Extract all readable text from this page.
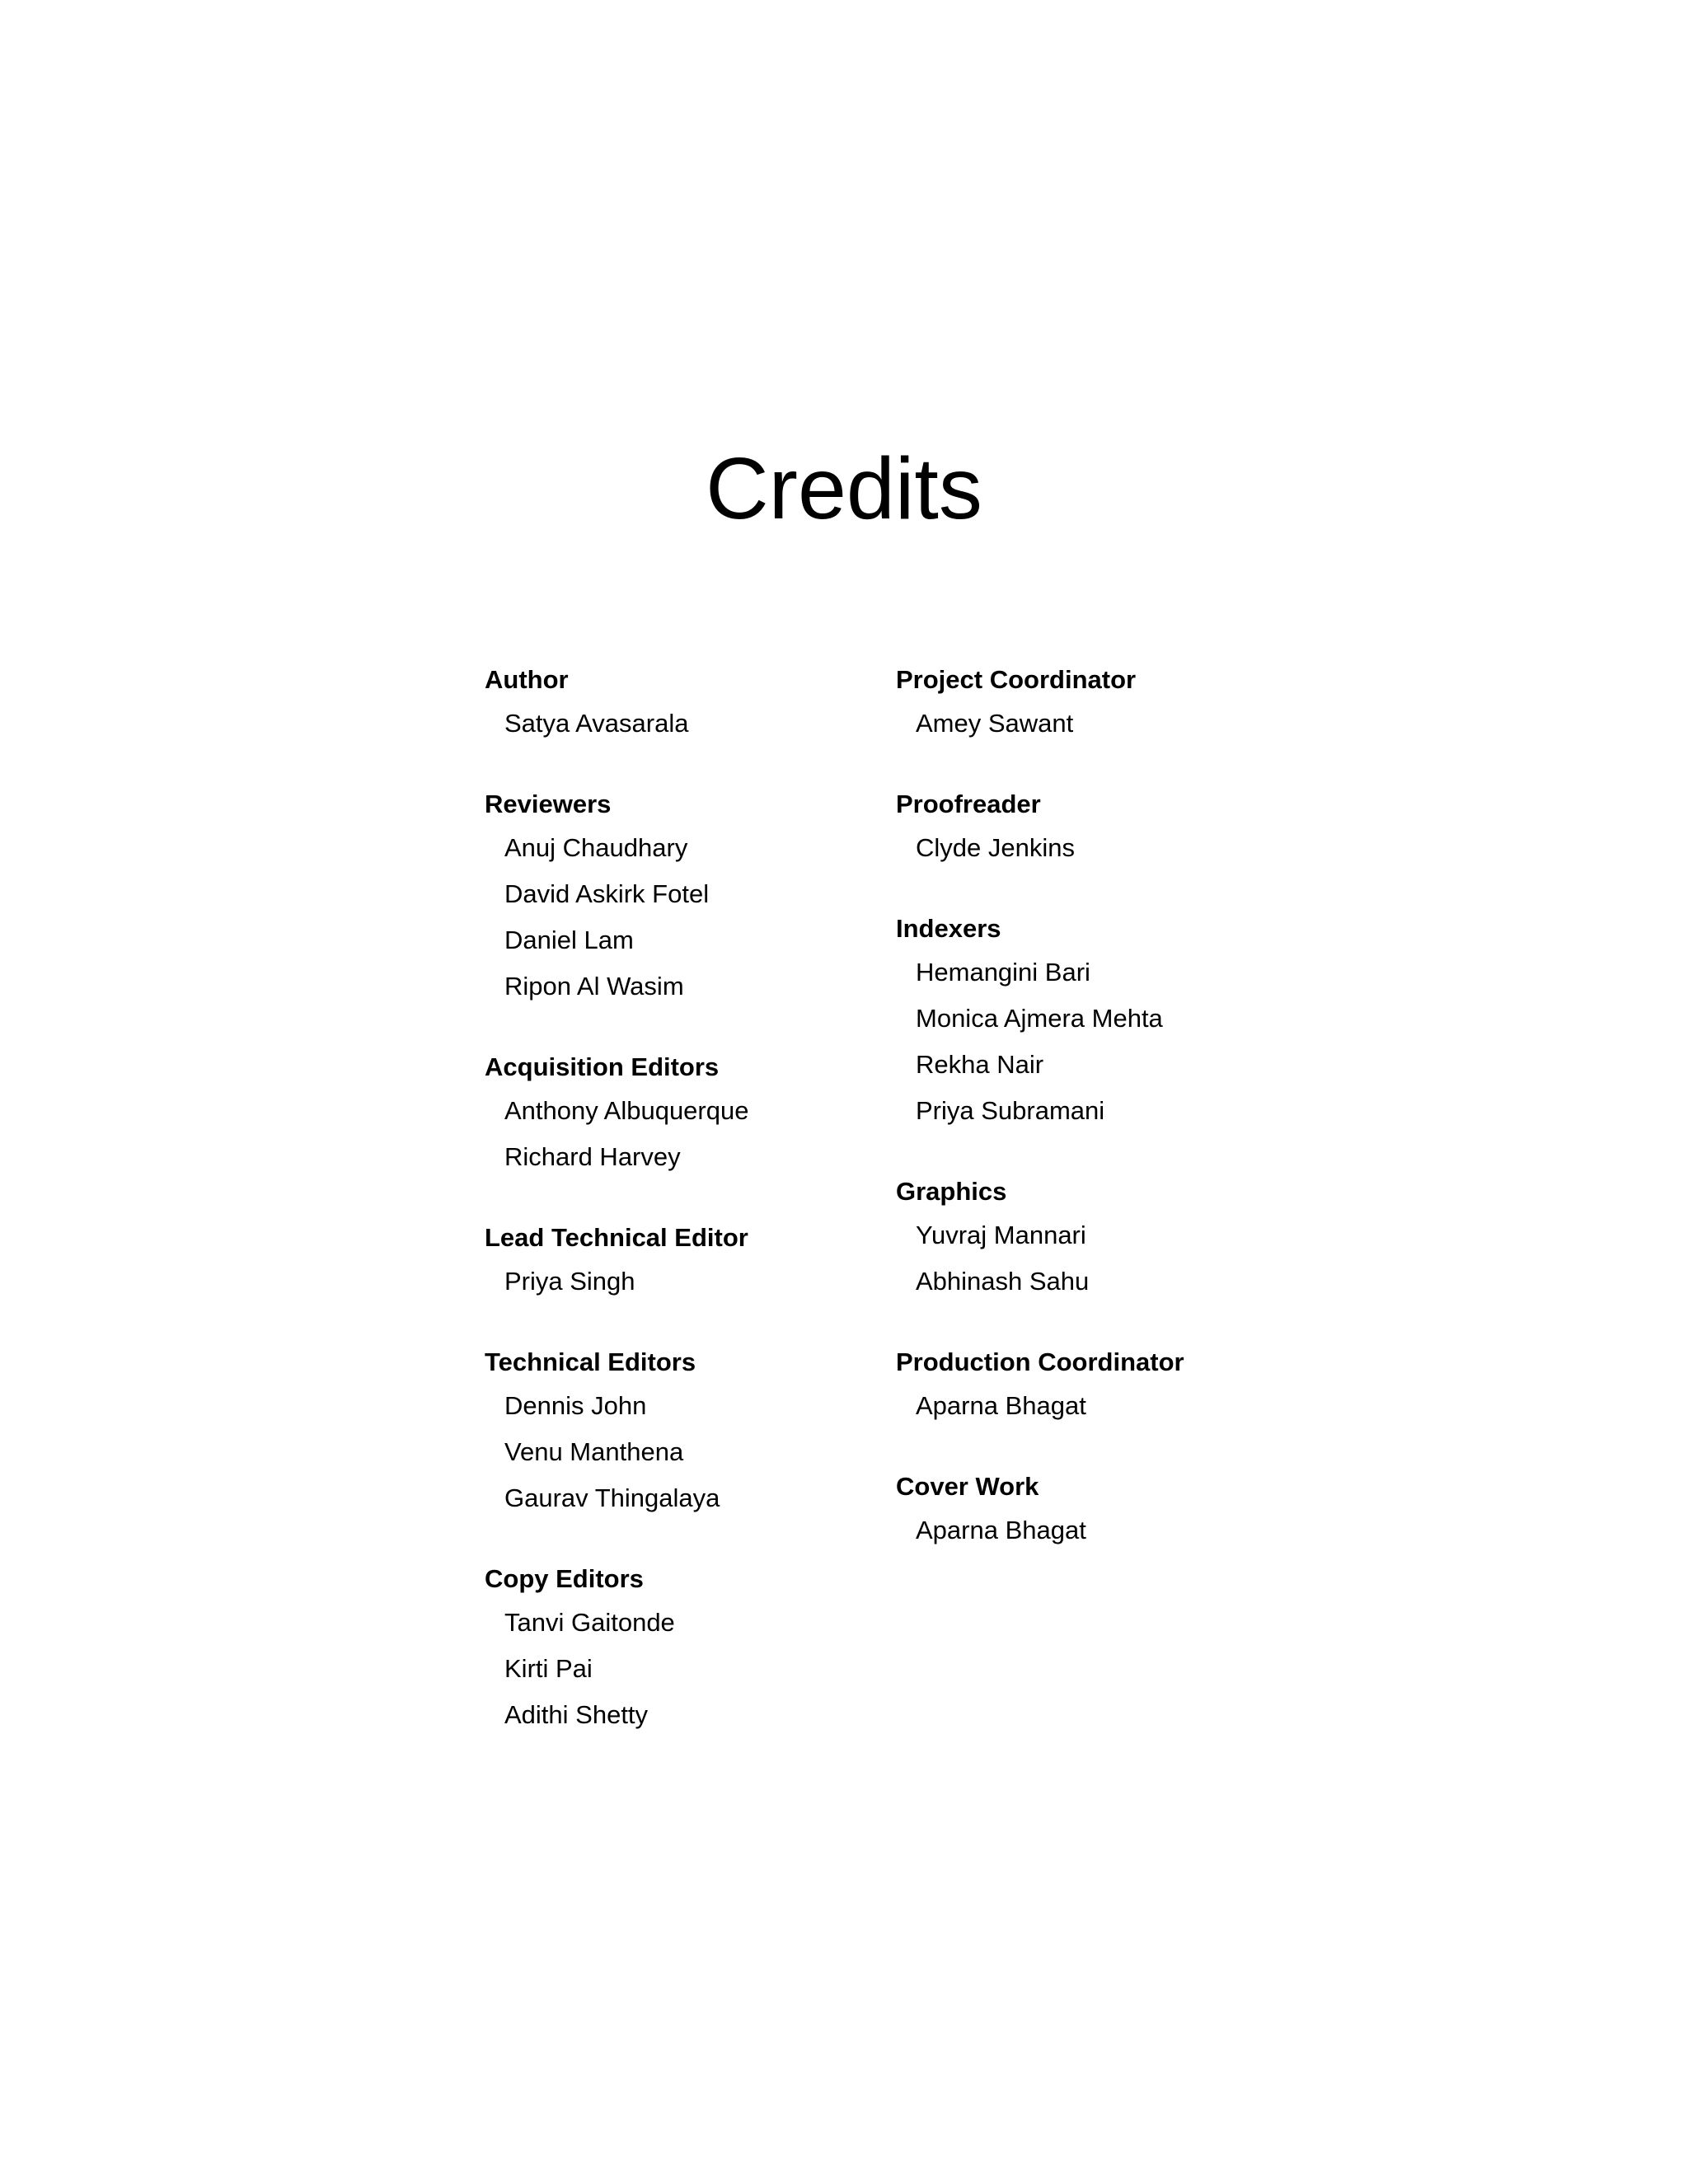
Credits
Author
Satya Avasarala
Reviewers
Anuj Chaudhary
David Askirk Fotel
Daniel Lam
Ripon Al Wasim
Acquisition Editors
Anthony Albuquerque
Richard Harvey
Lead Technical Editor
Priya Singh
Technical Editors
Dennis John
Venu Manthena
Gaurav Thingalaya
Copy Editors
Tanvi Gaitonde
Kirti Pai
Adithi Shetty
Project Coordinator
Amey Sawant
Proofreader
Clyde Jenkins
Indexers
Hemangini Bari
Monica Ajmera Mehta
Rekha Nair
Priya Subramani
Graphics
Yuvraj Mannari
Abhinash Sahu
Production Coordinator
Aparna Bhagat
Cover Work
Aparna Bhagat
